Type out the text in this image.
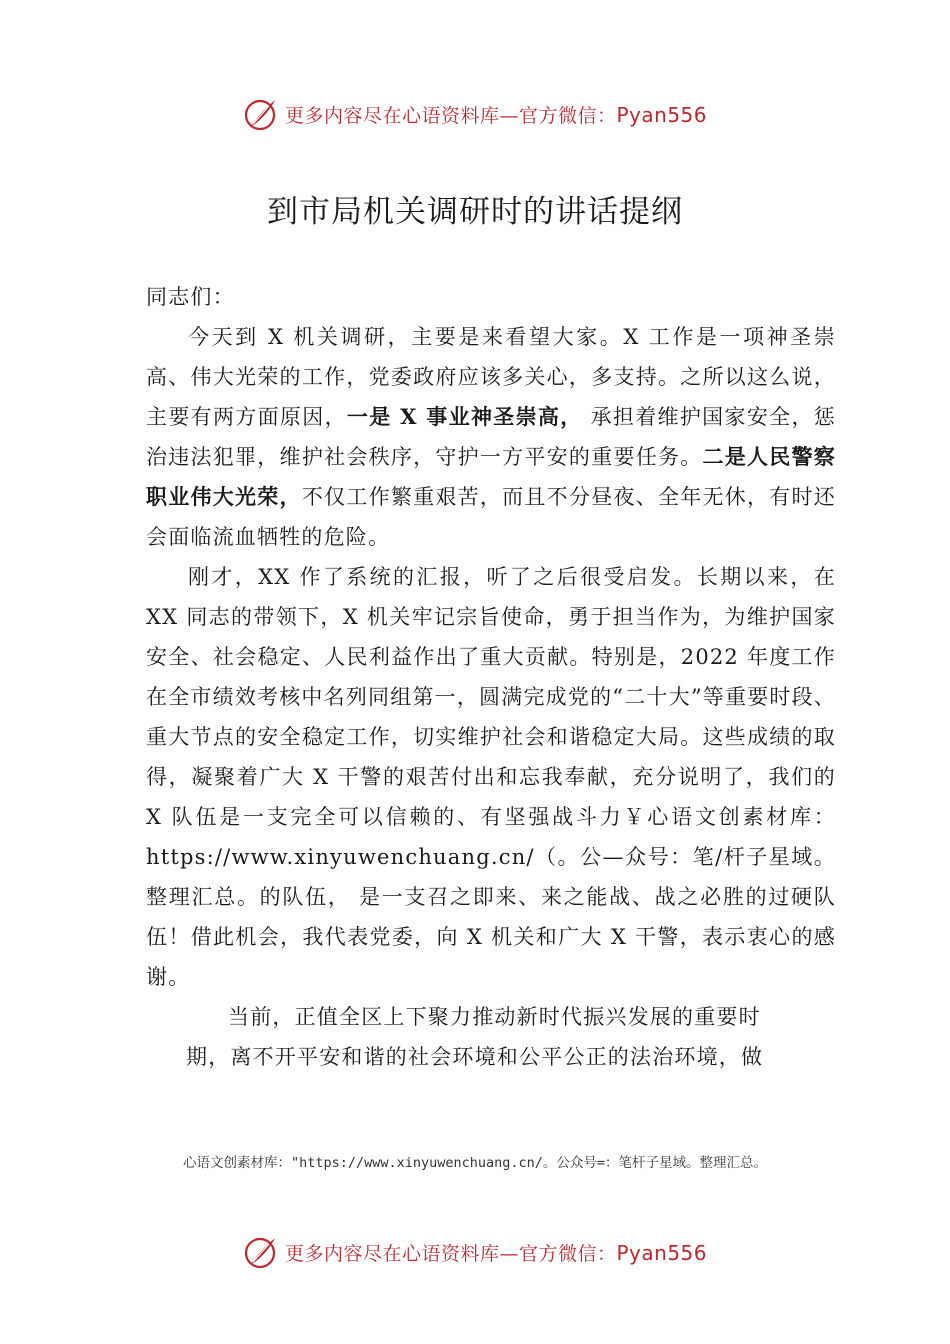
更多内容尽在心语资料库—官方微信：Pyan556
到市局机关调研时的讲话提纲

同志们：

今天到 X 机关调研，主要是来看望大家。X 工作是一项神圣崇高、伟大光荣的工作，党委政府应该多关心，多支持。之所以这么说，主要有两方面原因，一是 X 事业神圣崇高， 承担着维护国家安全，惩治违法犯罪，维护社会秩序，守护一方平安的重要任务。二是人民警察职业伟大光荣，不仅工作繁重艰苦，而且不分昼夜、全年无休，有时还会面临流血牺牲的危险。

刚才，XX 作了系统的汇报，听了之后很受启发。长期以来，在 XX 同志的带领下，X 机关牢记宗旨使命，勇于担当作为，为维护国家安全、社会稳定、人民利益作出了重大贡献。特别是，2022 年度工作在全市绩效考核中名列同组第一，圆满完成党的“二十大”等重要时段、重大节点的安全稳定工作，切实维护社会和谐稳定大局。这些成绩的取得，凝聚着广大 X 干警的艰苦付出和忘我奉献，充分说明了，我们的 X 队伍是一支完全可以信赖的、有坚强战斗力￥心语文创素材库：https://www.xinyuwenchuang.cn/（。公—众号：笔/杆子星域。整理汇总。的队伍， 是一支召之即来、来之能战、战之必胜的过硬队伍！借此机会，我代表党委，向 X 机关和广大 X 干警，表示衷心的感谢。

当前，正值全区上下聚力推动新时代振兴发展的重要时

期，离不开平安和谐的社会环境和公平公正的法治环境，做

心语文创素材库："https://www.xinyuwenchuang.cn/。公众号=：笔杆子星域。整理汇总。
更多内容尽在心语资料库—官方微信：Pyan556
